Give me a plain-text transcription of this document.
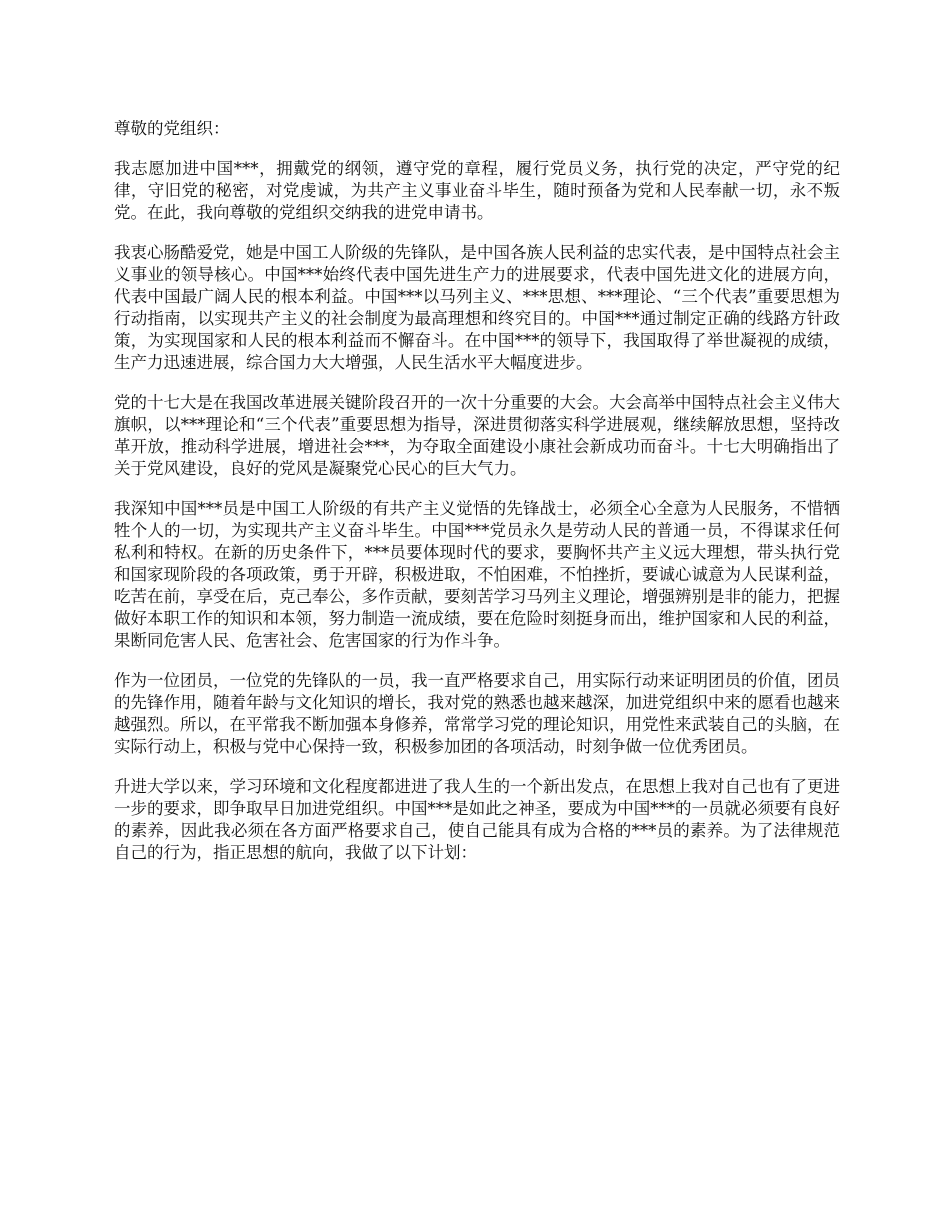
尊敬的党组织：

我志愿加进中国***，拥戴党的纲领，遵守党的章程，履行党员义务，执行党的决定，严守党的纪律，守旧党的秘密，对党虔诚，为共产主义事业奋斗毕生，随时预备为党和人民奉献一切，永不叛党。在此，我向尊敬的党组织交纳我的进党申请书。

我衷心肠酷爱党，她是中国工人阶级的先锋队，是中国各族人民利益的忠实代表，是中国特点社会主义事业的领导核心。中国***始终代表中国先进生产力的进展要求，代表中国先进文化的进展方向，代表中国最广阔人民的根本利益。中国***以马列主义、***思想、***理论、“三个代表”重要思想为行动指南，以实现共产主义的社会制度为最高理想和终究目的。中国***通过制定正确的线路方针政策，为实现国家和人民的根本利益而不懈奋斗。在中国***的领导下，我国取得了举世凝视的成绩，生产力迅速进展，综合国力大大增强，人民生活水平大幅度进步。

党的十七大是在我国改革进展关键阶段召开的一次十分重要的大会。大会高举中国特点社会主义伟大旗帜，以***理论和“三个代表”重要思想为指导，深进贯彻落实科学进展观，继续解放思想，坚持改革开放，推动科学进展，增进社会***，为夺取全面建设小康社会新成功而奋斗。十七大明确指出了关于党风建设，良好的党风是凝聚党心民心的巨大气力。

我深知中国***员是中国工人阶级的有共产主义觉悟的先锋战士，必须全心全意为人民服务，不惜牺牲个人的一切，为实现共产主义奋斗毕生。中国***党员永久是劳动人民的普通一员，不得谋求任何私利和特权。在新的历史条件下，***员要体现时代的要求，要胸怀共产主义远大理想，带头执行党和国家现阶段的各项政策，勇于开辟，积极进取，不怕困难，不怕挫折，要诚心诚意为人民谋利益，吃苦在前，享受在后，克己奉公，多作贡献，要刻苦学习马列主义理论，增强辨别是非的能力，把握做好本职工作的知识和本领，努力制造一流成绩，要在危险时刻挺身而出，维护国家和人民的利益，果断同危害人民、危害社会、危害国家的行为作斗争。

作为一位团员，一位党的先锋队的一员，我一直严格要求自己，用实际行动来证明团员的价值，团员的先锋作用，随着年龄与文化知识的增长，我对党的熟悉也越来越深，加进党组织中来的愿看也越来越强烈。所以，在平常我不断加强本身修养，常常学习党的理论知识，用党性来武装自己的头脑，在实际行动上，积极与党中心保持一致，积极参加团的各项活动，时刻争做一位优秀团员。

升进大学以来，学习环境和文化程度都进进了我人生的一个新出发点，在思想上我对自己也有了更进一步的要求，即争取早日加进党组织。中国***是如此之神圣，要成为中国***的一员就必须要有良好的素养，因此我必须在各方面严格要求自己，使自己能具有成为合格的***员的素养。为了法律规范自己的行为，指正思想的航向，我做了以下计划：
